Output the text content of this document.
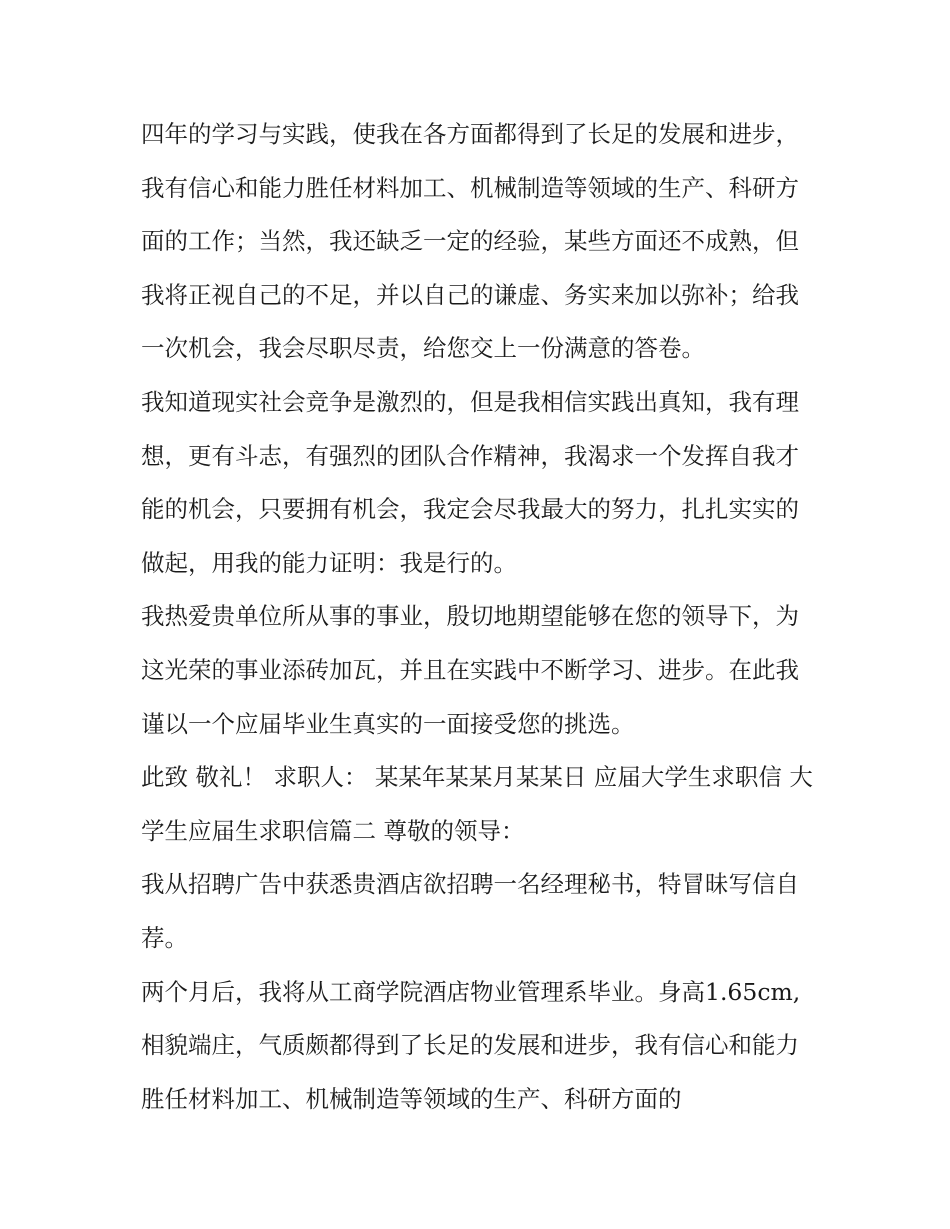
四年的学习与实践，使我在各方面都得到了长足的发展和进步，我有信心和能力胜任材料加工、机械制造等领域的生产、科研方面的工作；当然，我还缺乏一定的经验，某些方面还不成熟，但我将正视自己的不足，并以自己的谦虚、务实来加以弥补；给我一次机会，我会尽职尽责，给您交上一份满意的答卷。

我知道现实社会竞争是激烈的，但是我相信实践出真知，我有理想，更有斗志，有强烈的团队合作精神，我渴求一个发挥自我才能的机会，只要拥有机会，我定会尽我最大的努力，扎扎实实的做起，用我的能力证明：我是行的。

我热爱贵单位所从事的事业，殷切地期望能够在您的领导下，为这光荣的事业添砖加瓦，并且在实践中不断学习、进步。在此我谨以一个应届毕业生真实的一面接受您的挑选。

此致 敬礼！ 求职人： 某某年某某月某某日 应届大学生求职信 大学生应届生求职信篇二 尊敬的领导：

我从招聘广告中获悉贵酒店欲招聘一名经理秘书，特冒昧写信自荐。

两个月后，我将从工商学院酒店物业管理系毕业。身高1.65cm,相貌端庄，气质颇都得到了长足的发展和进步，我有信心和能力胜任材料加工、机械制造等领域的生产、科研方面的
